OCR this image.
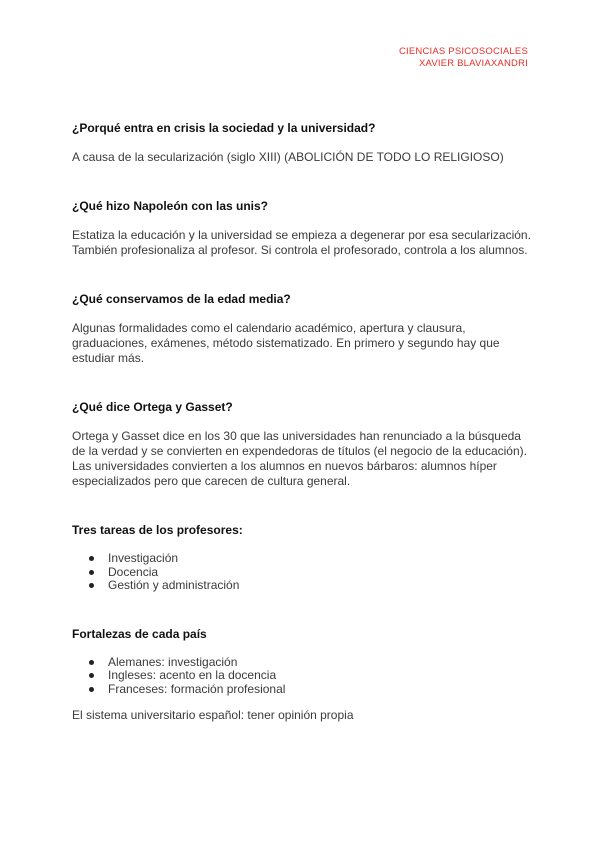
CIENCIAS PSICOSOCIALES
XAVIER BLAVIAXANDRI

¿Porqué entra en crisis la sociedad y la universidad?

A causa de la secularización (siglo XIII) (ABOLICIÓN DE TODO LO RELIGIOSO)

¿Qué hizo Napoleón con las unis?

Estatiza la educación y la universidad se empieza a degenerar por esa secularización. También profesionaliza al profesor. Si controla el profesorado, controla a los alumnos.

¿Qué conservamos de la edad media?

Algunas formalidades como el calendario académico, apertura y clausura, graduaciones, exámenes, método sistematizado. En primero y segundo hay que estudiar más.

¿Qué dice Ortega y Gasset?

Ortega y Gasset dice en los 30 que las universidades han renunciado a la búsqueda de la verdad y se convierten en expendedoras de títulos (el negocio de la educación). Las universidades convierten a los alumnos en nuevos bárbaros: alumnos híper especializados pero que carecen de cultura general.

Tres tareas de los profesores:

Investigación
Docencia
Gestión y administración

Fortalezas de cada país

Alemanes: investigación
Ingleses: acento en la docencia
Franceses: formación profesional

El sistema universitario español: tener opinión propia
